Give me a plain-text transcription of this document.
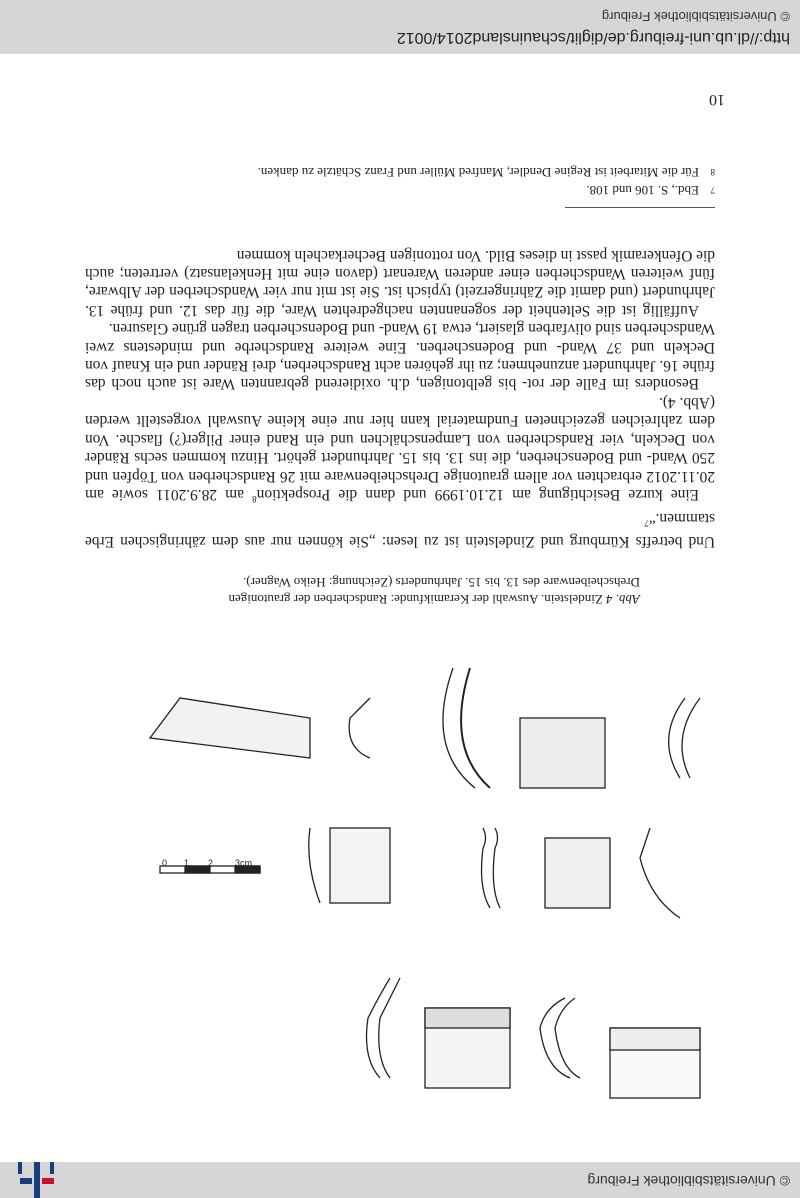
© Universitätsbibliothek Freiburg
0 1 2 3cm
Abb. 4 Zindelstein. Auswahl der Keramikfunde: Randscherben der grautonigen Drehscheibenware des 13. bis 15. Jahrhunderts (Zeichnung: Heiko Wagner).

Und betreffs Kürnburg und Zindelstein ist zu lesen: „Sie können nur aus dem zähringischen Erbe stammen.“$^7$

Eine kurze Besichtigung am 12.10.1999 und dann die Prospektion$^8$ am 28.9.2011 sowie am 20.11.2012 erbrachten vor allem grautonige Drehscheibenware mit 26 Randscherben von Töpfen und 250 Wand- und Bodenscherben, die ins 13. bis 15. Jahrhundert gehört. Hinzu kommen sechs Ränder von Deckeln, vier Randscherben von Lampenschälchen und ein Rand einer Pilger(?) flasche. Von dem zahlreichen gezeichneten Fundmaterial kann hier nur eine kleine Auswahl vorgestellt werden (Abb. 4).

Besonders im Falle der rot- bis gelbtonigen, d.h. oxidierend gebrannten Ware ist auch noch das frühe 16. Jahrhundert anzunehmen; zu ihr gehören acht Randscherben, drei Ränder und ein Knauf von Deckeln und 37 Wand- und Bodenscherben. Eine weitere Randscherbe und mindestens zwei Wandscherben sind olivfarben glasiert, etwa 19 Wand- und Bodenscherben tragen grüne Glasuren.

Auffällig ist die Seltenheit der sogenannten nachgedrehten Ware, die für das 12. und frühe 13. Jahrhundert (und damit die Zähringerzeit) typisch ist. Sie ist mit nur vier Wandscherben der Albware, fünf weiteren Wandscherben einer anderen Warenart (davon eine mit Henkelansatz) vertreten; auch die Ofenkeramik passt in dieses Bild. Von rottonigen Becherkacheln kommen

7Ebd., S. 106 und 108.
8Für die Mitarbeit ist Regine Dendler, Manfred Müller und Franz Schätzle zu danken.
10
http://dl.ub.uni-freiburg.de/diglit/schauinsland2014/0012
© Universitätsbibliothek Freiburg
